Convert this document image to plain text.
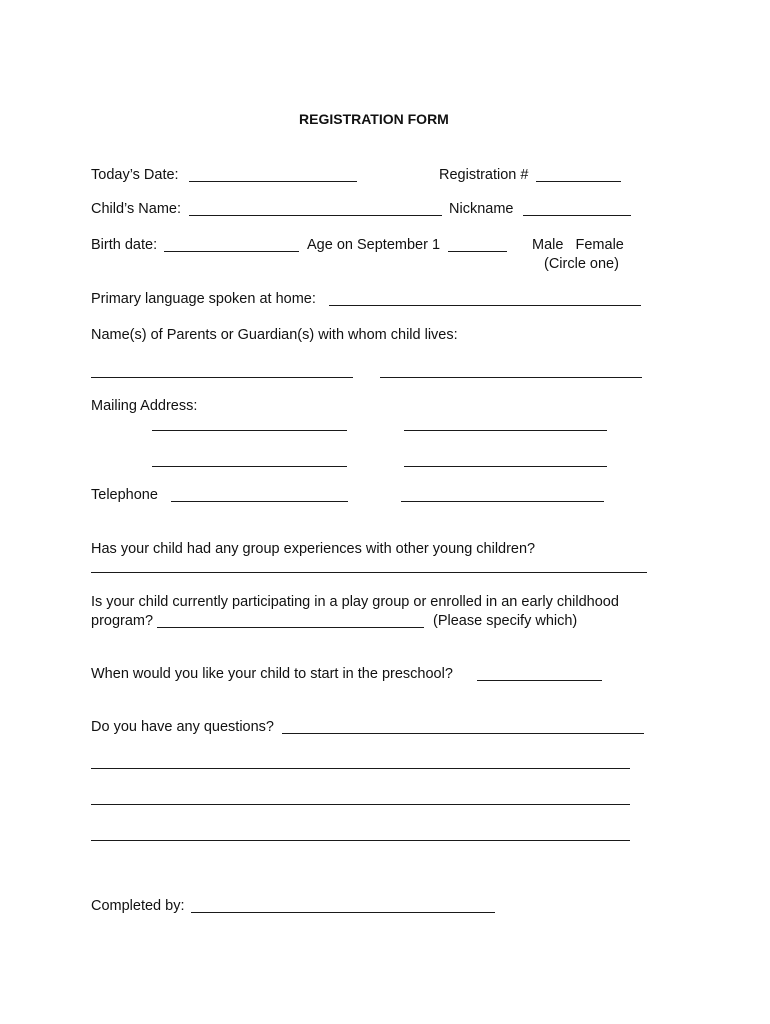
REGISTRATION FORM
Today’s Date:	Registration #
Child’s Name:	Nickname
Birth date:	Age on September 1	Male   Female
(Circle one)
Primary language spoken at home:
Name(s) of Parents or Guardian(s) with whom child lives:
Mailing Address:
Telephone
Has your child had any group experiences with other young children?
Is your child currently participating in a play group or enrolled in an early childhood
program?	(Please specify which)
When would you like your child to start in the preschool?
Do you have any questions?
Completed by:
